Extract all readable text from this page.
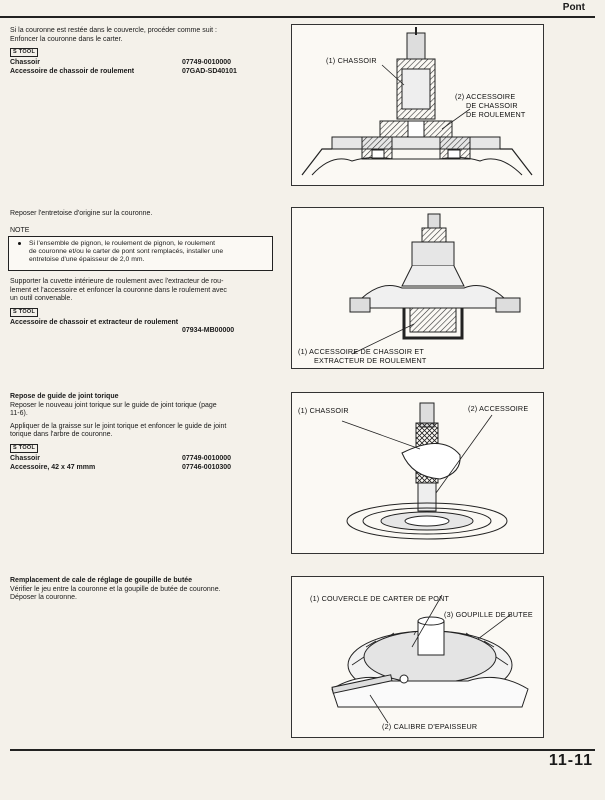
Pont
Si la couronne est restée dans le couvercle, procéder comme suit :
Enfoncer la couronne dans le carter.
S TOOL
Chassoir	07749-0010000
Accessoire de chassoir de roulement	07GAD-SD40101
(1) CHASSOIR
(2) ACCESSOIRE
DE CHASSOIR
DE ROULEMENT
Reposer l'entretoise d'origine sur la couronne.
NOTE
Si l'ensemble de pignon, le roulement de pignon, le roulement
de couronne et/ou le carter de pont sont remplacés, installer une
entretoise d'une épaisseur de 2,0 mm.
Supporter la cuvette intérieure de roulement avec l'extracteur de rou-
lement et l'accessoire et enfoncer la couronne dans le roulement avec
un outil convenable.
S TOOL
Accessoire de chassoir et extracteur de roulement
07934-MB00000
(1) ACCESSOIRE DE CHASSOIR ET
EXTRACTEUR DE ROULEMENT
Repose de guide de joint torique
Reposer le nouveau joint torique sur le guide de joint torique (page
11-6).
Appliquer de la graisse sur le joint torique et enfoncer le guide de joint
torique dans l'arbre de couronne.
S TOOL
Chassoir	07749-0010000
Accessoire, 42 x 47 mmm	07746-0010300
(1) CHASSOIR	(2) ACCESSOIRE
Remplacement de cale de réglage de goupille de butée
Vérifier le jeu entre la couronne et la goupille de butée de couronne.
Déposer la couronne.	(1) COUVERCLE DE CARTER DE PONT
(3) GOUPILLE DE BUTEE
(2) CALIBRE D'EPAISSEUR
11-11
